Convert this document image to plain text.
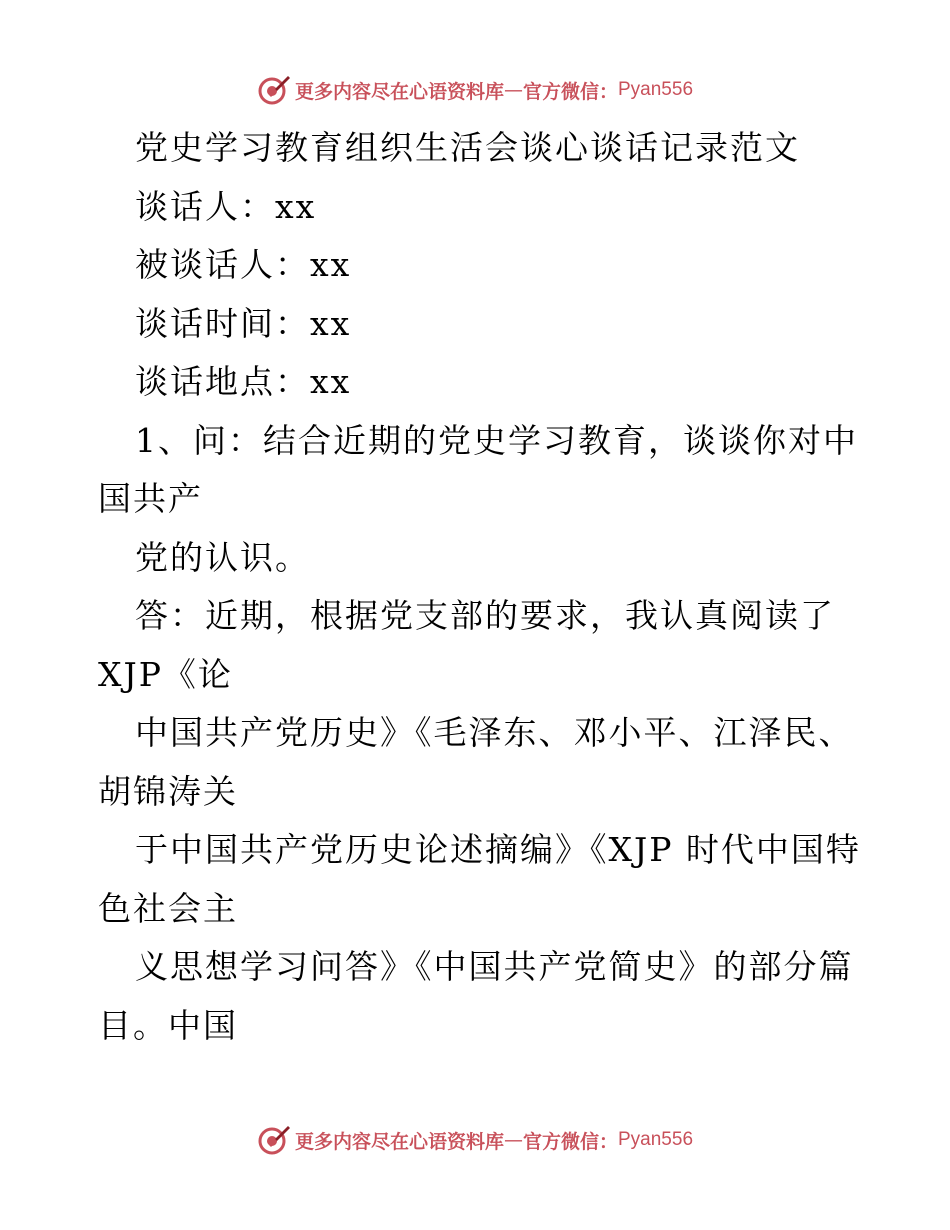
更多内容尽在心语资料库 — 官方微信： Pyan556
党史学习教育组织生活会谈心谈话记录范文
谈话人：xx
被谈话人：xx
谈话时间：xx
谈话地点：xx
1、问：结合近期的党史学习教育，谈谈你对中
国共产
党的认识。
答：近期，根据党支部的要求，我认真阅读了
XJP《论
中国共产党历史》《毛泽东、邓小平、江泽民、
胡锦涛关
于中国共产党历史论述摘编》《XJP 时代中国特
色社会主
义思想学习问答》《中国共产党简史》的部分篇
目。中国
更多内容尽在心语资料库 — 官方微信： Pyan556
